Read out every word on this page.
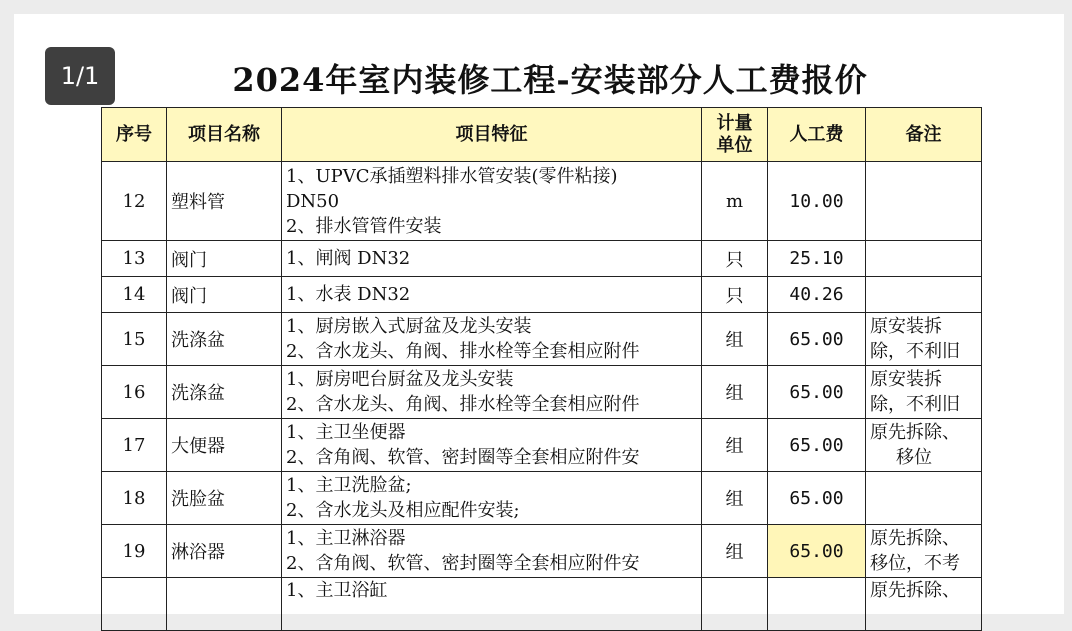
1/1	2024年室内装修工程-安装部分人工费报价
序号	项目名称	项目特征	计量单位	人工费	备注
12	塑料管	1、UPVC承插塑料排水管安装(零件粘接)
DN50
2、排水管管件安装	m	10.00	
13	阀门	1、闸阀 DN32	只	25.10	
14	阀门	1、水表 DN32	只	40.26	
15	洗涤盆	1、厨房嵌入式厨盆及龙头安装
2、含水龙头、角阀、排水栓等全套相应附件	组	65.00	原安装拆
除，不利旧

16	洗涤盆	1、厨房吧台厨盆及龙头安装
2、含水龙头、角阀、排水栓等全套相应附件	组	65.00	原安装拆
除，不利旧

17	大便器	1、主卫坐便器
2、含角阀、软管、密封圈等全套相应附件安	组	65.00	原先拆除、
移位

18	洗脸盆	1、主卫洗脸盆;
2、含水龙头及相应配件安装;	组	65.00	
19	淋浴器	1、主卫淋浴器
2、含角阀、软管、密封圈等全套相应附件安	组	65.00	原先拆除、
移位，不考

		1、主卫浴缸			原先拆除、
